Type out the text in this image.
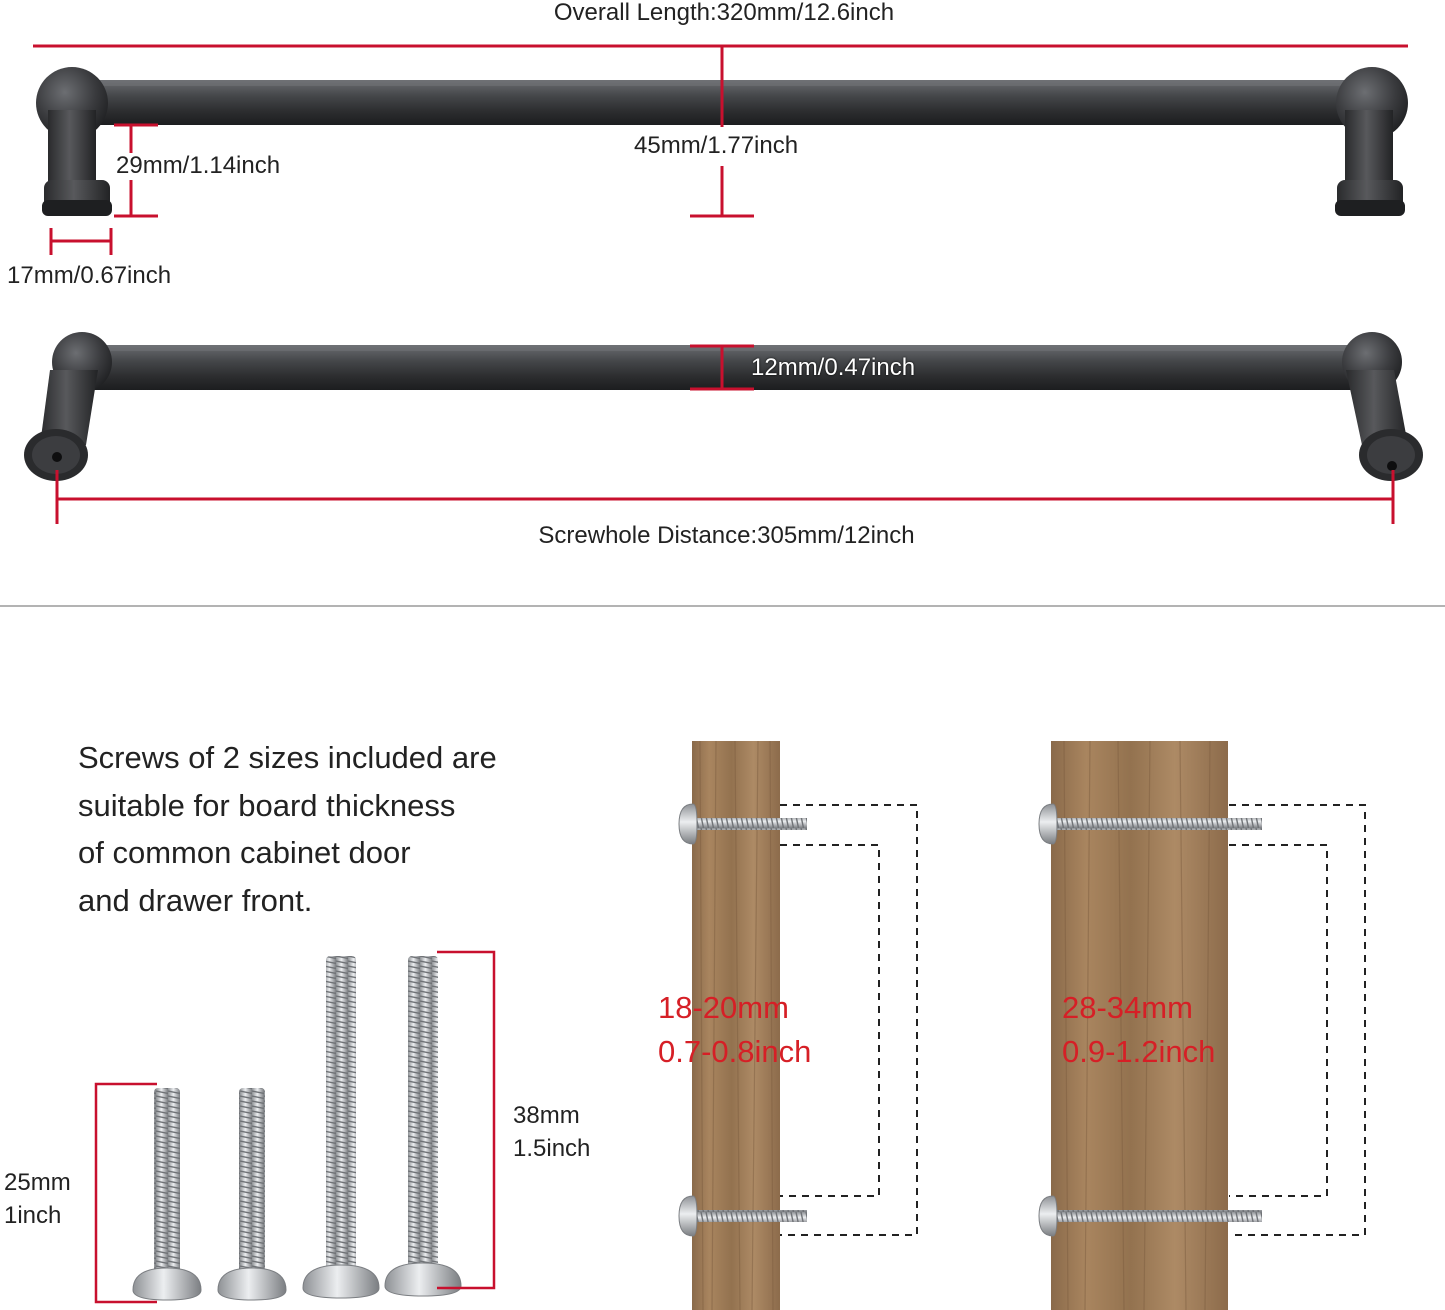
Overall Length:320mm/12.6inch
45mm/1.77inch
29mm/1.14inch
17mm/0.67inch
12mm/0.47inch
Screwhole Distance:305mm/12inch
Screws of 2 sizes included are
suitable for board thickness
of common cabinet door
and drawer front.
25mm
1inch
38mm
1.5inch
18-20mm
0.7-0.8inch
28-34mm
0.9-1.2inch
